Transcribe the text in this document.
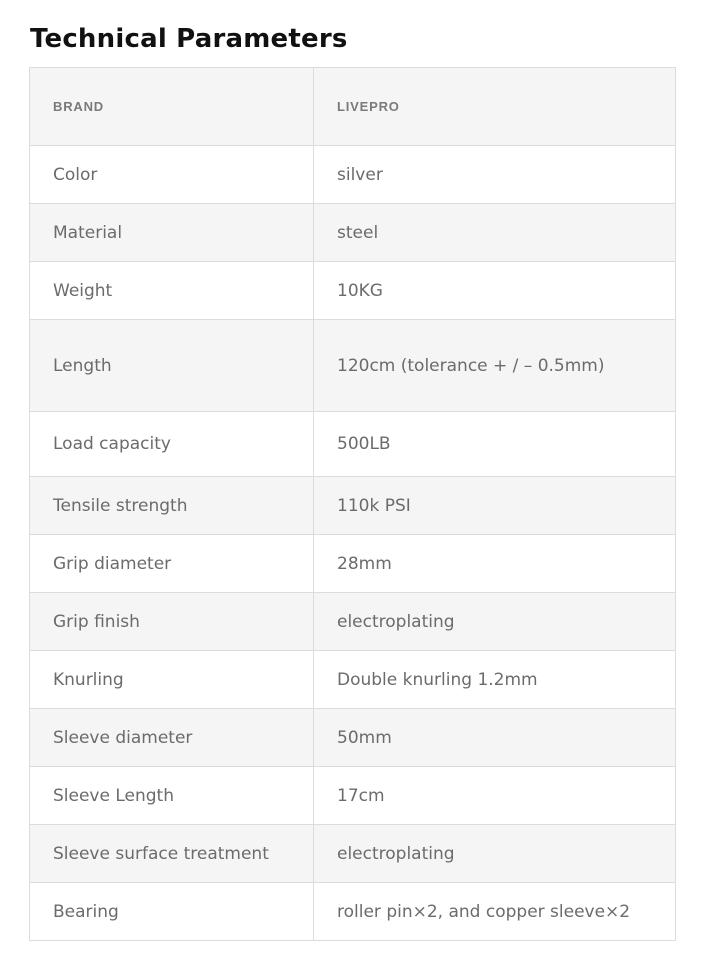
Technical Parameters
BRAND	LIVEPRO
Color	silver
Material	steel
Weight	10KG
Length	120cm (tolerance + / – 0.5mm)
Load capacity	500LB
Tensile strength	110k PSI
Grip diameter	28mm
Grip finish	electroplating
Knurling	Double knurling 1.2mm
Sleeve diameter	50mm
Sleeve Length	17cm
Sleeve surface treatment	electroplating
Bearing	roller pin×2, and copper sleeve×2
